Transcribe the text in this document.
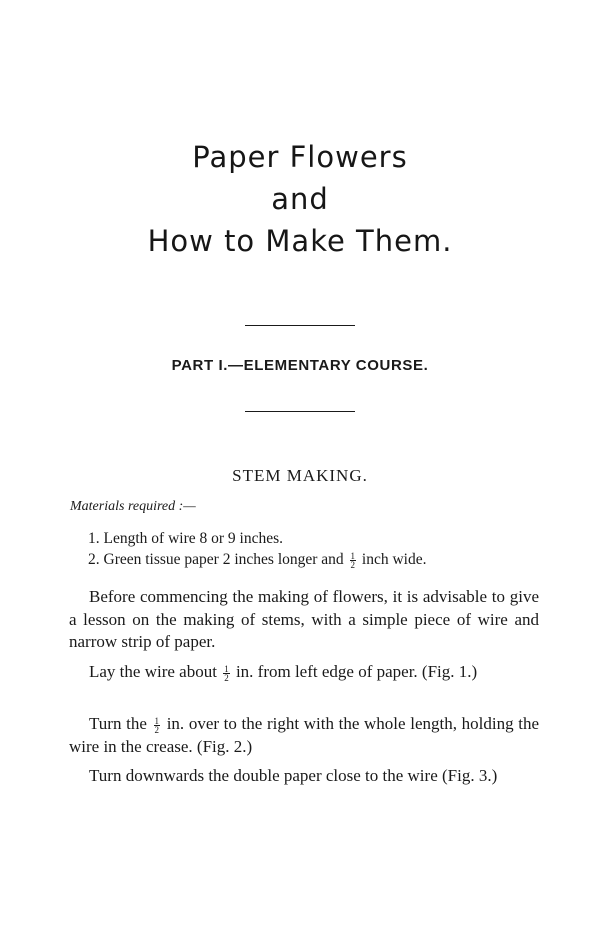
Paper Flowers
and
How to Make Them.
PART I.—ELEMENTARY COURSE.
STEM MAKING.
Materials required :—
1. Length of wire 8 or 9 inches.
2. Green tissue paper 2 inches longer and $\frac{1}{2}$ inch wide.

Before commencing the making of flowers, it is advisable to give a lesson on the making of stems, with a simple piece of wire and narrow strip of paper.

Lay the wire about $\frac{1}{2}$ in. from left edge of paper. (Fig. 1.)

Turn the $\frac{1}{2}$ in. over to the right with the whole length, holding the wire in the crease. (Fig. 2.)

Turn downwards the double paper close to the wire (Fig. 3.)
